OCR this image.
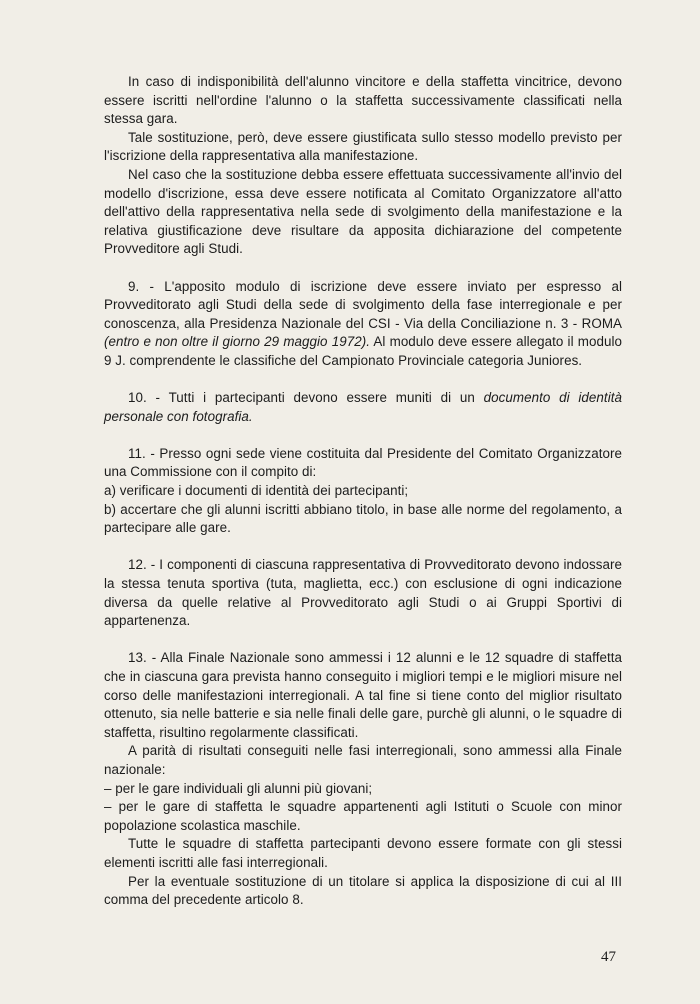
In caso di indisponibilità dell'alunno vincitore e della staffetta vincitrice, devono essere iscritti nell'ordine l'alunno o la staffetta successivamente classificati nella stessa gara.

Tale sostituzione, però, deve essere giustificata sullo stesso modello previsto per l'iscrizione della rappresentativa alla manifestazione.

Nel caso che la sostituzione debba essere effettuata successivamente all'invio del modello d'iscrizione, essa deve essere notificata al Comitato Organizzatore all'atto dell'attivo della rappresentativa nella sede di svolgimento della manifestazione e la relativa giustificazione deve risultare da apposita dichiarazione del competente Provveditore agli Studi.

9. - L'apposito modulo di iscrizione deve essere inviato per espresso al Provveditorato agli Studi della sede di svolgimento della fase interregionale e per conoscenza, alla Presidenza Nazionale del CSI - Via della Conciliazione n. 3 - ROMA (entro e non oltre il giorno 29 maggio 1972). Al modulo deve essere allegato il modulo 9 J. comprendente le classifiche del Campionato Provinciale categoria Juniores.

10. - Tutti i partecipanti devono essere muniti di un documento di identità personale con fotografia.

11. - Presso ogni sede viene costituita dal Presidente del Comitato Organizzatore una Commissione con il compito di:

a) verificare i documenti di identità dei partecipanti;

b) accertare che gli alunni iscritti abbiano titolo, in base alle norme del regolamento, a partecipare alle gare.

12. - I componenti di ciascuna rappresentativa di Provveditorato devono indossare la stessa tenuta sportiva (tuta, maglietta, ecc.) con esclusione di ogni indicazione diversa da quelle relative al Provveditorato agli Studi o ai Gruppi Sportivi di appartenenza.

13. - Alla Finale Nazionale sono ammessi i 12 alunni e le 12 squadre di staffetta che in ciascuna gara prevista hanno conseguito i migliori tempi e le migliori misure nel corso delle manifestazioni interregionali. A tal fine si tiene conto del miglior risultato ottenuto, sia nelle batterie e sia nelle finali delle gare, purchè gli alunni, o le squadre di staffetta, risultino regolarmente classificati.

A parità di risultati conseguiti nelle fasi interregionali, sono ammessi alla Finale nazionale:

– per le gare individuali gli alunni più giovani;

– per le gare di staffetta le squadre appartenenti agli Istituti o Scuole con minor popolazione scolastica maschile.

Tutte le squadre di staffetta partecipanti devono essere formate con gli stessi elementi iscritti alle fasi interregionali.

Per la eventuale sostituzione di un titolare si applica la disposizione di cui al III comma del precedente articolo 8.

47
